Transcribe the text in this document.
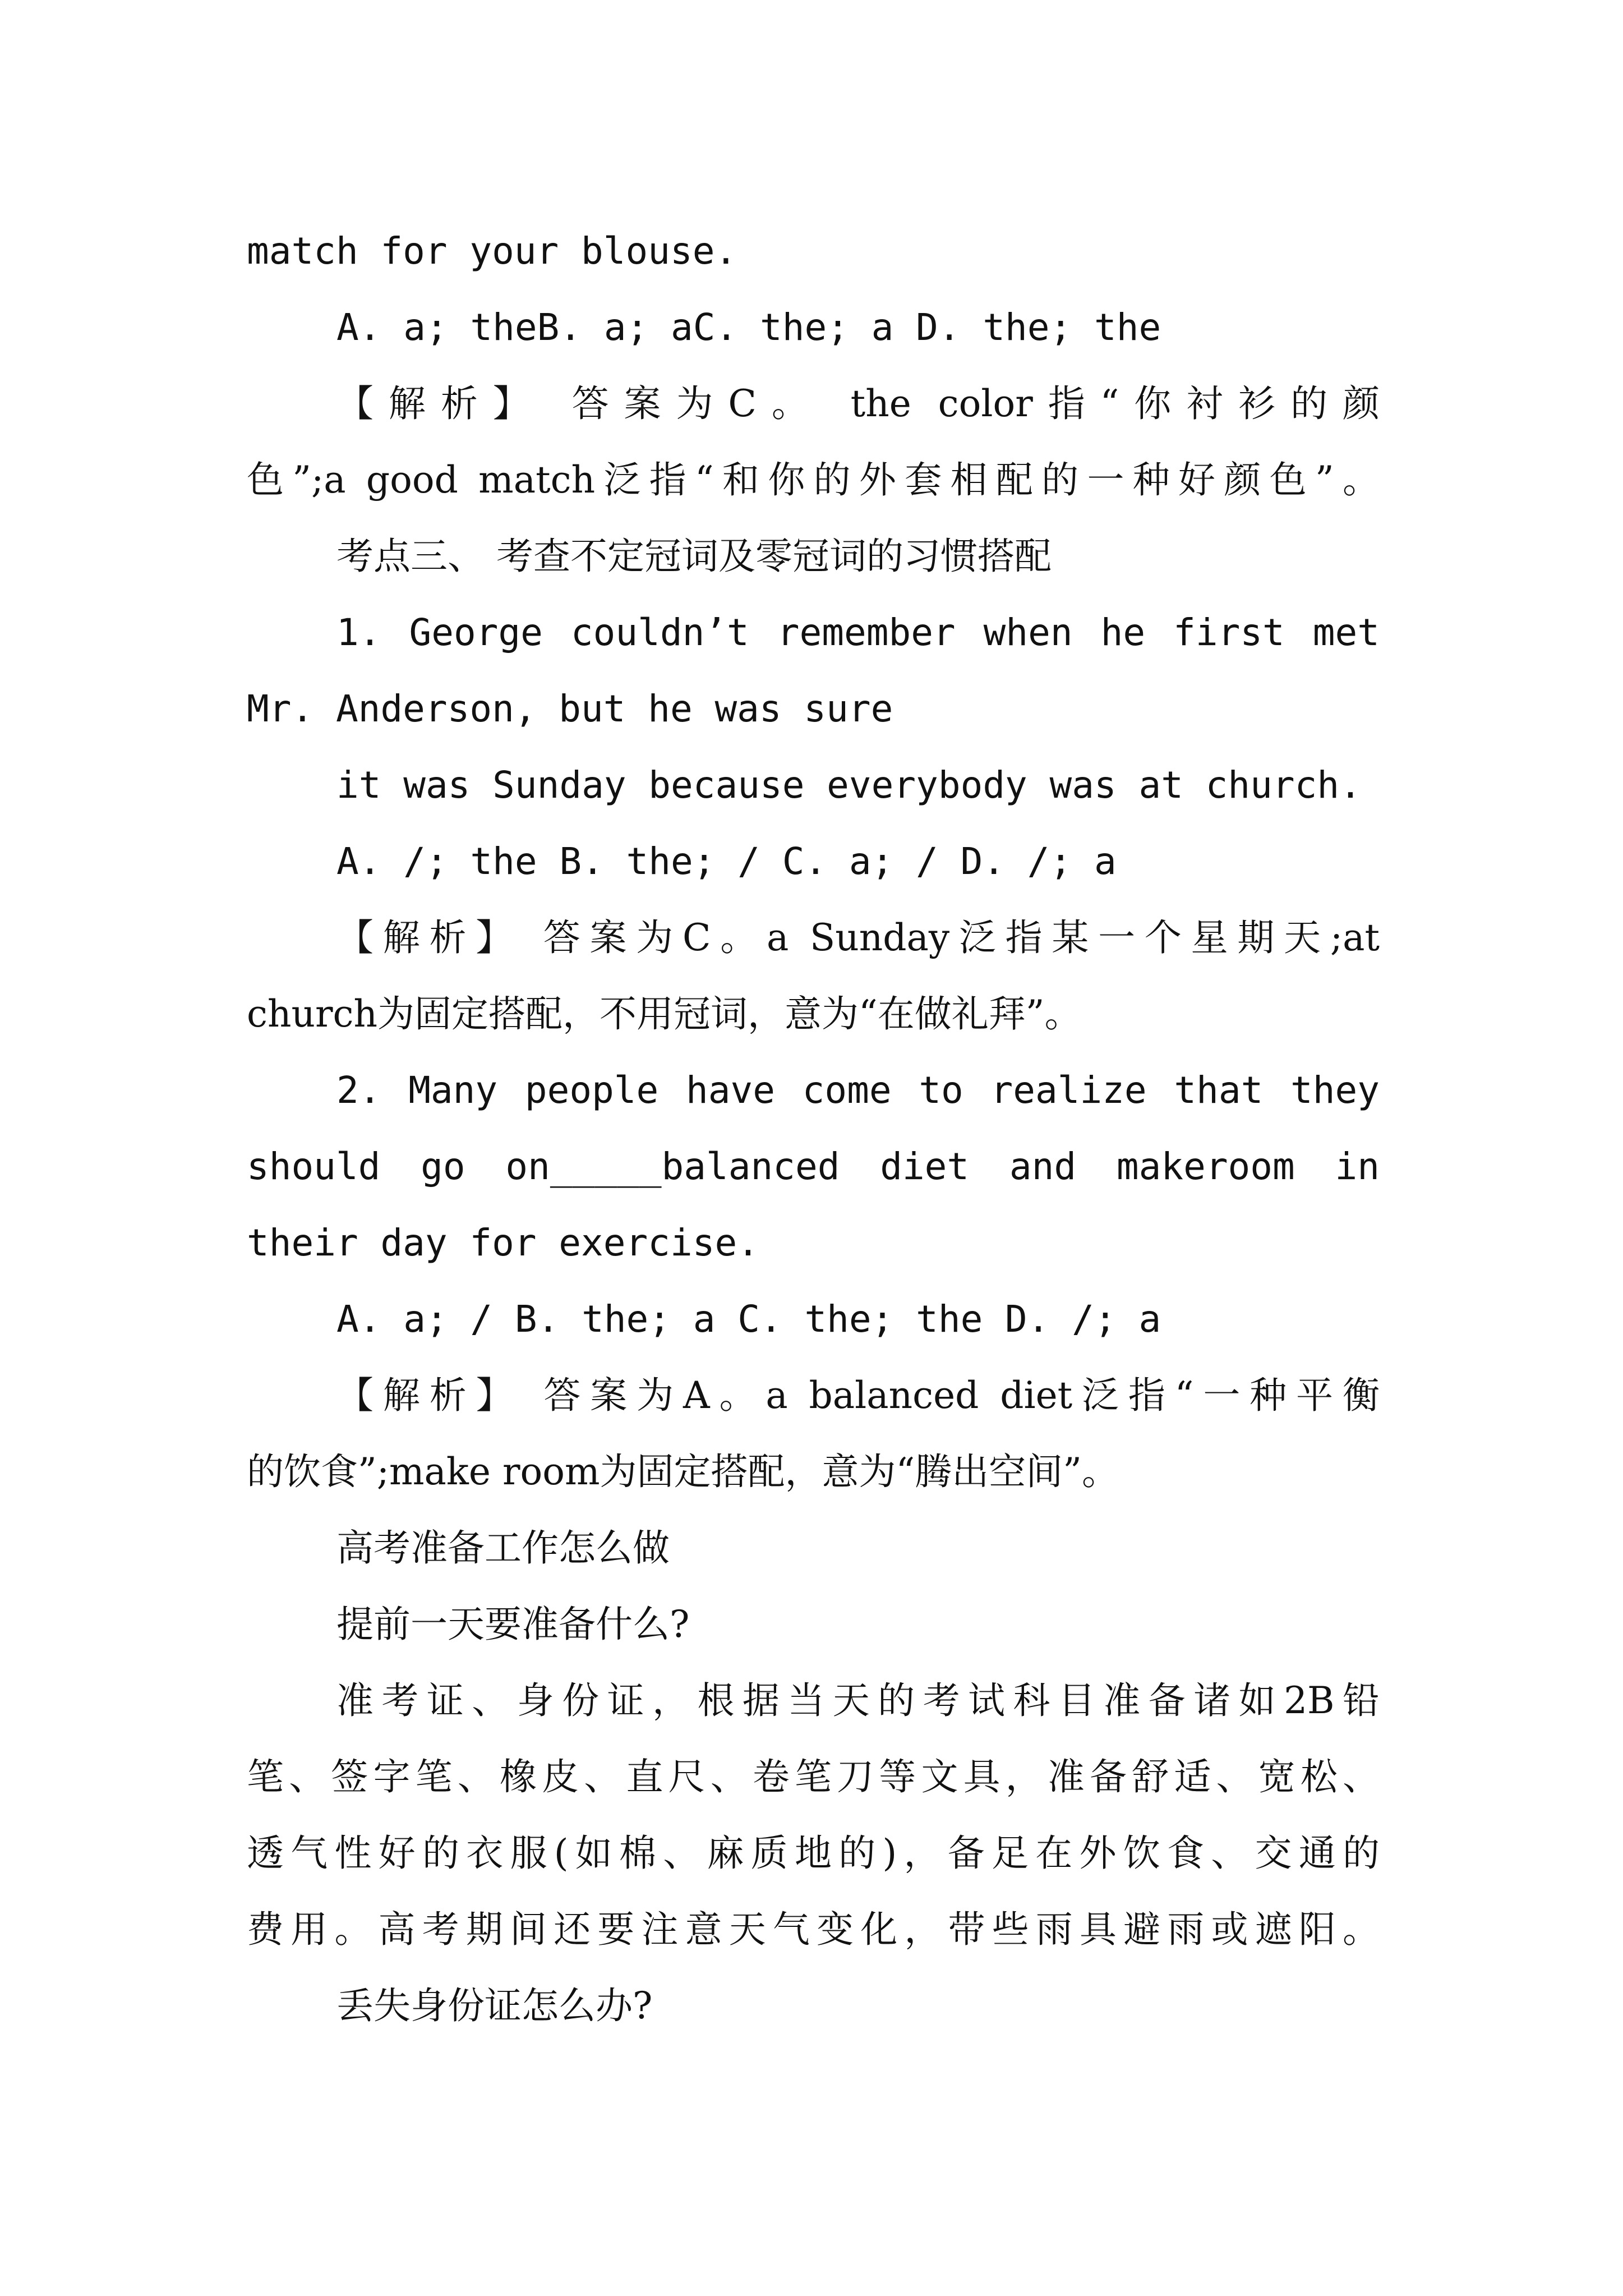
match for your blouse.
A. a; theB. a; aC. the; a D. the; the
【解析】 答案为C。 the color指“你衬衫的颜
色”;a good match泛指“和你的外套相配的一种好颜色”。
考点三、 考查不定冠词及零冠词的习惯搭配
1. George couldn’t remember when he first met
Mr. Anderson, but he was sure
it was Sunday because everybody was at church.
A. /; the B. the; / C. a; / D. /; a
【解析】 答案为C。a Sunday泛指某一个星期天;at
church为固定搭配，不用冠词，意为“在做礼拜”。
2. Many people have come to realize that they
should go on_____balanced diet and makeroom in
their day for exercise.
A. a; / B. the; a C. the; the D. /; a
【解析】 答案为A。a balanced diet泛指“一种平衡
的饮食”;make room为固定搭配，意为“腾出空间”。
高考准备工作怎么做
提前一天要准备什么?
准考证、身份证，根据当天的考试科目准备诸如2B铅
笔、签字笔、橡皮、直尺、卷笔刀等文具，准备舒适、宽松、
透气性好的衣服(如棉、麻质地的)，备足在外饮食、交通的
费用。高考期间还要注意天气变化，带些雨具避雨或遮阳。
丢失身份证怎么办?
